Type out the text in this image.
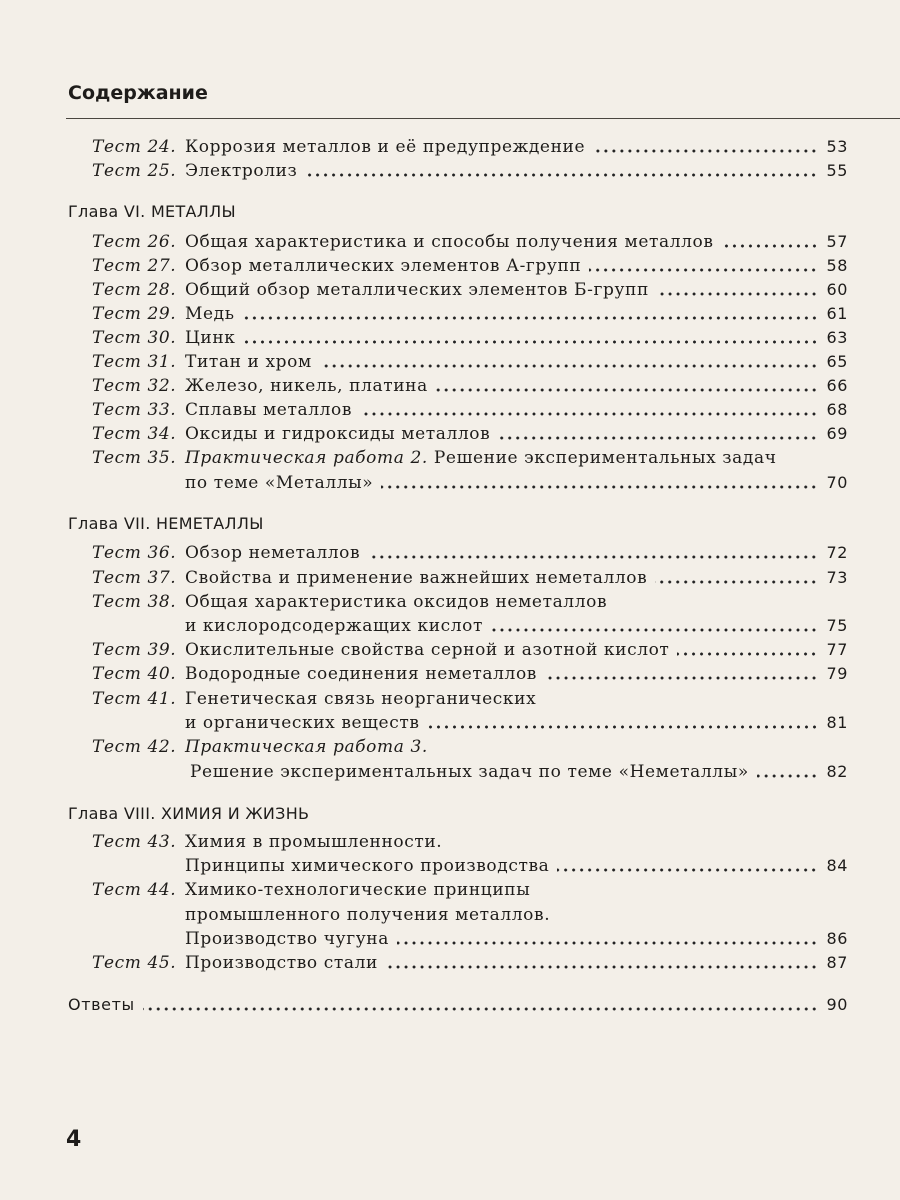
Содержание
Тест 24. Коррозия металлов и её предупреждение	53
Тест 25. Электролиз	55
Глава VI. МЕТАЛЛЫ
Тест 26. Общая характеристика и способы получения металлов	57
Тест 27. Обзор металлических элементов А-групп	58
Тест 28. Общий обзор металлических элементов Б-групп	60
Тест 29. Медь	61
Тест 30. Цинк	63
Тест 31. Титан и хром	65
Тест 32. Железо, никель, платина	66
Тест 33. Сплавы металлов	68
Тест 34. Оксиды и гидроксиды металлов	69
Тест 35. Практическая работа 2. Решение экспериментальных задач
по теме «Металлы»	70
Глава VII. НЕМЕТАЛЛЫ
Тест 36. Обзор неметаллов	72
Тест 37. Свойства и применение важнейших неметаллов	73
Тест 38. Общая характеристика оксидов неметаллов
и кислородсодержащих кислот	75
Тест 39. Окислительные свойства серной и азотной кислот	77
Тест 40. Водородные соединения неметаллов	79
Тест 41. Генетическая связь неорганических
и органических веществ	81
Тест 42. Практическая работа 3.
Решение экспериментальных задач по теме «Неметаллы»	82
Глава VIII. ХИМИЯ И ЖИЗНЬ
Тест 43. Химия в промышленности.
Принципы химического производства	84
Тест 44. Химико-технологические принципы
промышленного получения металлов.
Производство чугуна	86
Тест 45. Производство стали	87
Ответы	90
4
